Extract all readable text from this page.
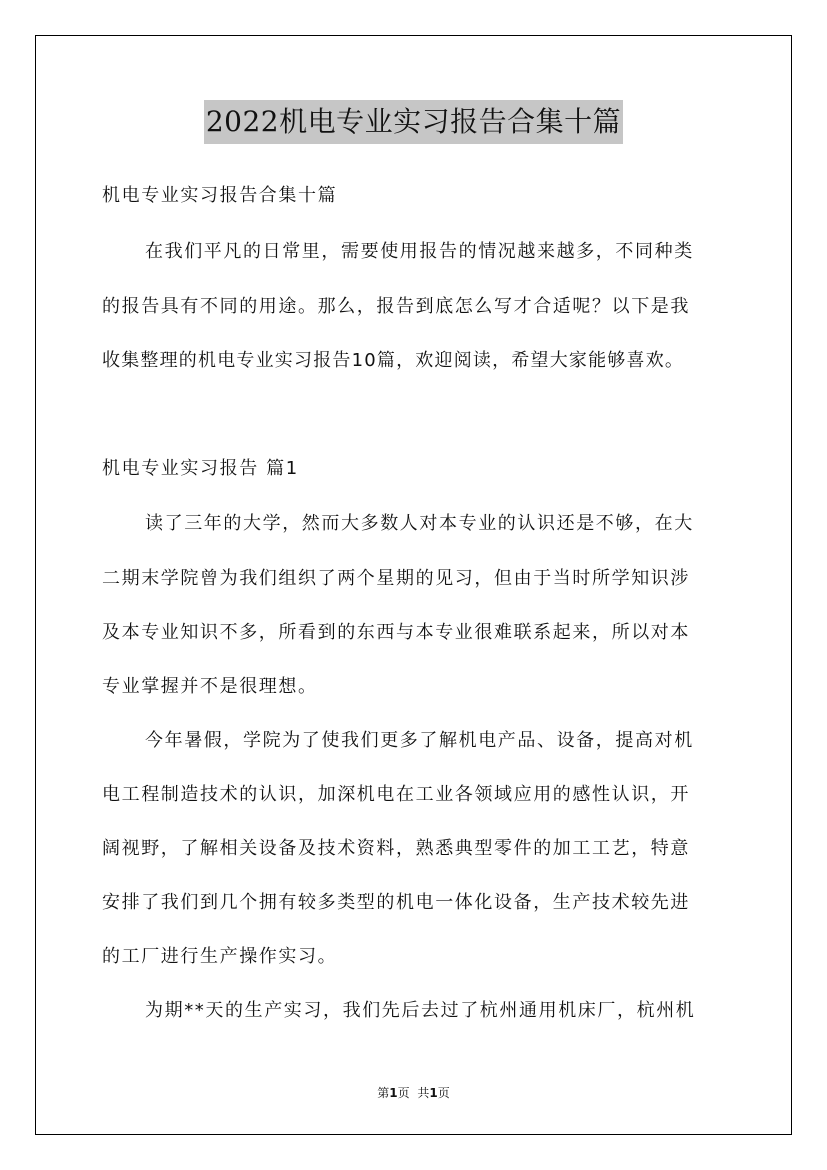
2022机电专业实习报告合集十篇
机电专业实习报告合集十篇
在我们平凡的日常里，需要使用报告的情况越来越多，不同种类
的报告具有不同的用途。那么，报告到底怎么写才合适呢？以下是我
收集整理的机电专业实习报告10篇，欢迎阅读，希望大家能够喜欢。
机电专业实习报告 篇1
读了三年的大学，然而大多数人对本专业的认识还是不够，在大
二期末学院曾为我们组织了两个星期的见习，但由于当时所学知识涉
及本专业知识不多，所看到的东西与本专业很难联系起来，所以对本
专业掌握并不是很理想。
今年暑假，学院为了使我们更多了解机电产品、设备，提高对机
电工程制造技术的认识，加深机电在工业各领域应用的感性认识，开
阔视野，了解相关设备及技术资料，熟悉典型零件的加工工艺，特意
安排了我们到几个拥有较多类型的机电一体化设备，生产技术较先进
的工厂进行生产操作实习。
为期**天的生产实习，我们先后去过了杭州通用机床厂，杭州机
第1页 共1页
